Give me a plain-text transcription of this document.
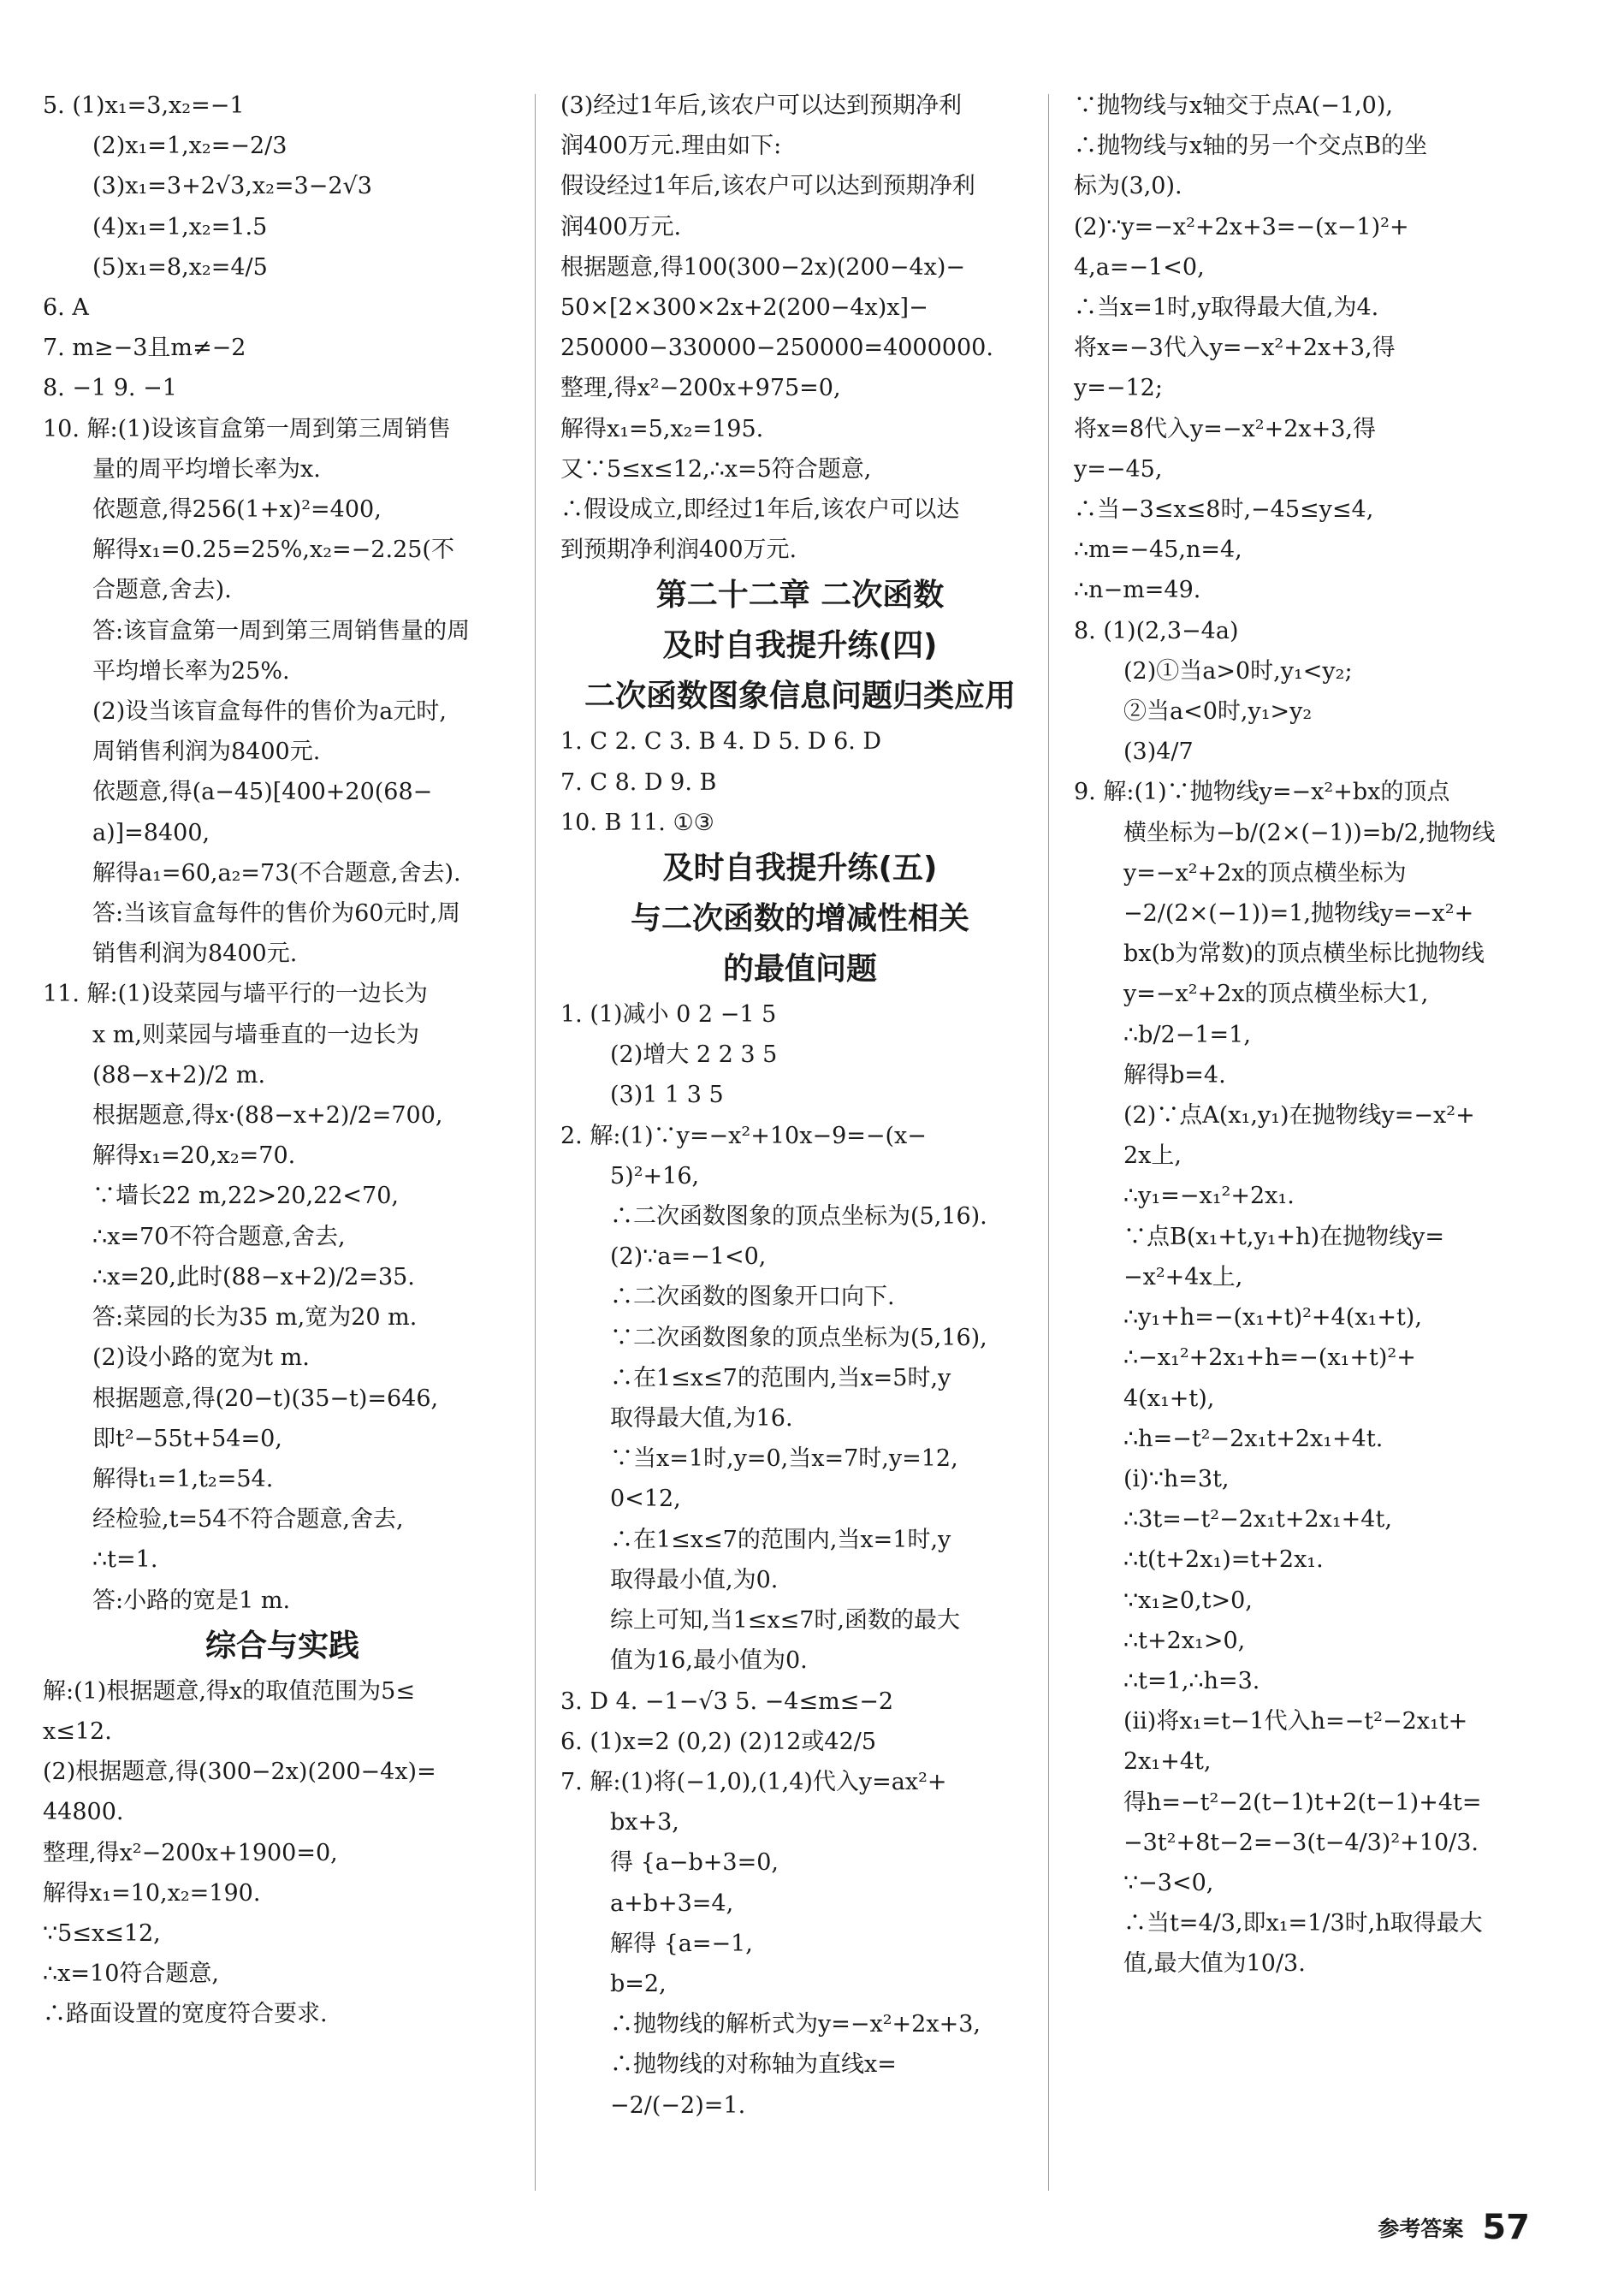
5. (1)x₁=3,x₂=−1
(2)x₁=1,x₂=−2/3
(3)x₁=3+2√3,x₂=3−2√3
(4)x₁=1,x₂=1.5
(5)x₁=8,x₂=4/5
6. A
7. m≥−3且m≠−2
8. −1 9. −1
10. 解:(1)设该盲盒第一周到第三周销售
量的周平均增长率为x.
依题意,得256(1+x)²=400,
解得x₁=0.25=25%,x₂=−2.25(不
合题意,舍去).
答:该盲盒第一周到第三周销售量的周
平均增长率为25%.
(2)设当该盲盒每件的售价为a元时,
周销售利润为8400元.
依题意,得(a−45)[400+20(68−
a)]=8400,
解得a₁=60,a₂=73(不合题意,舍去).
答:当该盲盒每件的售价为60元时,周
销售利润为8400元.
11. 解:(1)设菜园与墙平行的一边长为
x m,则菜园与墙垂直的一边长为
(88−x+2)/2 m.
根据题意,得x·(88−x+2)/2=700,
解得x₁=20,x₂=70.
∵墙长22 m,22>20,22<70,
∴x=70不符合题意,舍去,
∴x=20,此时(88−x+2)/2=35.
答:菜园的长为35 m,宽为20 m.
(2)设小路的宽为t m.
根据题意,得(20−t)(35−t)=646,
即t²−55t+54=0,
解得t₁=1,t₂=54.
经检验,t=54不符合题意,舍去,
∴t=1.
答:小路的宽是1 m.
综合与实践
解:(1)根据题意,得x的取值范围为5≤
x≤12.
(2)根据题意,得(300−2x)(200−4x)=
44800.
整理,得x²−200x+1900=0,
解得x₁=10,x₂=190.
∵5≤x≤12,
∴x=10符合题意,
∴路面设置的宽度符合要求.
(3)经过1年后,该农户可以达到预期净利
润400万元.理由如下:
假设经过1年后,该农户可以达到预期净利
润400万元.
根据题意,得100(300−2x)(200−4x)−
50×[2×300×2x+2(200−4x)x]−
250000−330000−250000=4000000.
整理,得x²−200x+975=0,
解得x₁=5,x₂=195.
又∵5≤x≤12,∴x=5符合题意,
∴假设成立,即经过1年后,该农户可以达
到预期净利润400万元.
第二十二章 二次函数
及时自我提升练(四)
二次函数图象信息问题归类应用
1. C 2. C 3. B 4. D 5. D 6. D
7. C 8. D 9. B
10. B 11. ①③
及时自我提升练(五)
与二次函数的增减性相关
的最值问题
1. (1)减小 0 2 −1 5
(2)增大 2 2 3 5
(3)1 1 3 5
2. 解:(1)∵y=−x²+10x−9=−(x−
5)²+16,
∴二次函数图象的顶点坐标为(5,16).
(2)∵a=−1<0,
∴二次函数的图象开口向下.
∵二次函数图象的顶点坐标为(5,16),
∴在1≤x≤7的范围内,当x=5时,y
取得最大值,为16.
∵当x=1时,y=0,当x=7时,y=12,
0<12,
∴在1≤x≤7的范围内,当x=1时,y
取得最小值,为0.
综上可知,当1≤x≤7时,函数的最大
值为16,最小值为0.
3. D 4. −1−√3 5. −4≤m≤−2
6. (1)x=2 (0,2) (2)12或42/5
7. 解:(1)将(−1,0),(1,4)代入y=ax²+
bx+3,
得 {a−b+3=0,
a+b+3=4,
解得 {a=−1,
b=2,
∴抛物线的解析式为y=−x²+2x+3,
∴抛物线的对称轴为直线x=
−2/(−2)=1.
∵抛物线与x轴交于点A(−1,0),
∴抛物线与x轴的另一个交点B的坐
标为(3,0).
(2)∵y=−x²+2x+3=−(x−1)²+
4,a=−1<0,
∴当x=1时,y取得最大值,为4.
将x=−3代入y=−x²+2x+3,得
y=−12;
将x=8代入y=−x²+2x+3,得
y=−45,
∴当−3≤x≤8时,−45≤y≤4,
∴m=−45,n=4,
∴n−m=49.
8. (1)(2,3−4a)
(2)①当a>0时,y₁<y₂;
②当a<0时,y₁>y₂
(3)4/7
9. 解:(1)∵抛物线y=−x²+bx的顶点
横坐标为−b/(2×(−1))=b/2,抛物线
y=−x²+2x的顶点横坐标为
−2/(2×(−1))=1,抛物线y=−x²+
bx(b为常数)的顶点横坐标比抛物线
y=−x²+2x的顶点横坐标大1,
∴b/2−1=1,
解得b=4.
(2)∵点A(x₁,y₁)在抛物线y=−x²+
2x上,
∴y₁=−x₁²+2x₁.
∵点B(x₁+t,y₁+h)在抛物线y=
−x²+4x上,
∴y₁+h=−(x₁+t)²+4(x₁+t),
∴−x₁²+2x₁+h=−(x₁+t)²+
4(x₁+t),
∴h=−t²−2x₁t+2x₁+4t.
(ⅰ)∵h=3t,
∴3t=−t²−2x₁t+2x₁+4t,
∴t(t+2x₁)=t+2x₁.
∵x₁≥0,t>0,
∴t+2x₁>0,
∴t=1,∴h=3.
(ⅱ)将x₁=t−1代入h=−t²−2x₁t+
2x₁+4t,
得h=−t²−2(t−1)t+2(t−1)+4t=
−3t²+8t−2=−3(t−4/3)²+10/3.
∵−3<0,
∴当t=4/3,即x₁=1/3时,h取得最大
值,最大值为10/3.
参考答案 57
